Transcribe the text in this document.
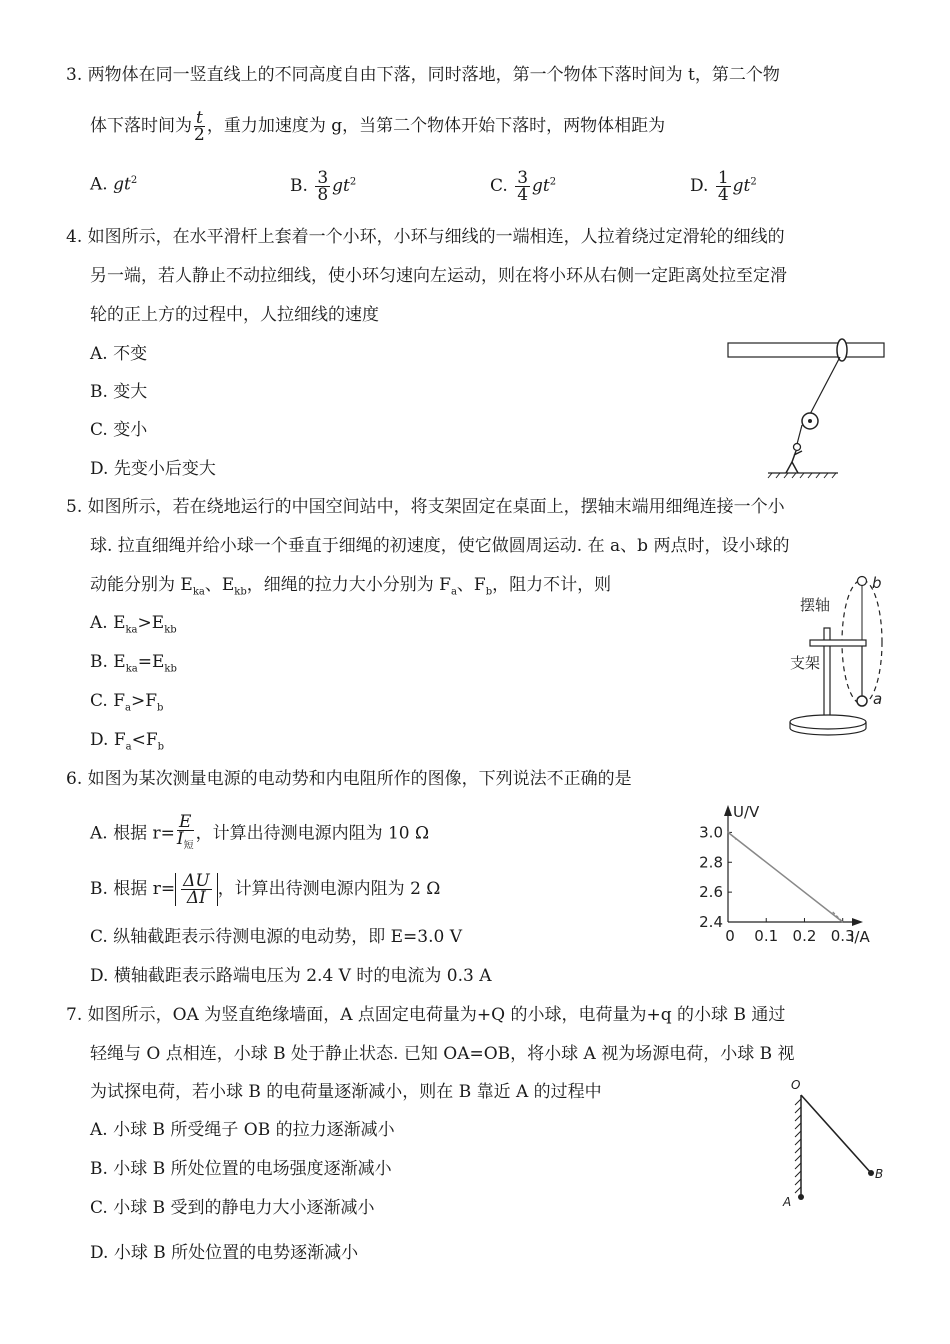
3. 两物体在同一竖直线上的不同高度自由下落，同时落地，第一个物体下落时间为 t，第二个物
体下落时间为 $\frac{t}{2}$ ，重力加速度为 g，当第二个物体开始下落时，两物体相距为
A. $gt^2$	B. $\frac{3}{8} gt^2$	C. $\frac{3}{4} gt^2$	D. $\frac{1}{4} gt^2$
4. 如图所示，在水平滑杆上套着一个小环，小环与细线的一端相连，人拉着绕过定滑轮的细线的
另一端，若人静止不动拉细线，使小环匀速向左运动，则在将小环从右侧一定距离处拉至定滑
轮的正上方的过程中，人拉细线的速度
A. 不变
B. 变大
C. 变小
D. 先变小后变大
5. 如图所示，若在绕地运行的中国空间站中，将支架固定在桌面上，摆轴末端用细绳连接一个小
球. 拉直细绳并给小球一个垂直于细绳的初速度，使它做圆周运动. 在 a、b 两点时，设小球的
动能分别为 $E_{ka}$、$E_{kb}$，细绳的拉力大小分别为 $F_a$、$F_b$，阻力不计，则
A. $E_{ka}>E_{kb}$
B. $E_{ka}=E_{kb}$
C. $F_a>F_b$
D. $F_a<F_b$
摆轴
支架
b
a
6. 如图为某次测量电源的电动势和内电阻所作的图像，下列说法不正确的是
A. 根据 $r= \frac{E}{I_短}$ ，计算出待测电源内阻为 10 Ω
B. 根据 $r= \frac{\Delta U}{\Delta I}$ ，计算出待测电源内阻为 2 Ω
C. 纵轴截距表示待测电源的电动势，即 E=3.0 V
D. 横轴截距表示路端电压为 2.4 V 时的电流为 0.3 A
U/V
I/A
2.4
2.6
2.8
3.0
0 0.1 0.2 0.3
7. 如图所示，OA 为竖直绝缘墙面，A 点固定电荷量为+Q 的小球，电荷量为+q 的小球 B 通过
轻绳与 O 点相连，小球 B 处于静止状态. 已知 OA=OB，将小球 A 视为场源电荷，小球 B 视
为试探电荷，若小球 B 的电荷量逐渐减小，则在 B 靠近 A 的过程中
A. 小球 B 所受绳子 OB 的拉力逐渐减小
B. 小球 B 所处位置的电场强度逐渐减小
C. 小球 B 受到的静电力大小逐渐减小
D. 小球 B 所处位置的电势逐渐减小
O
A
B
